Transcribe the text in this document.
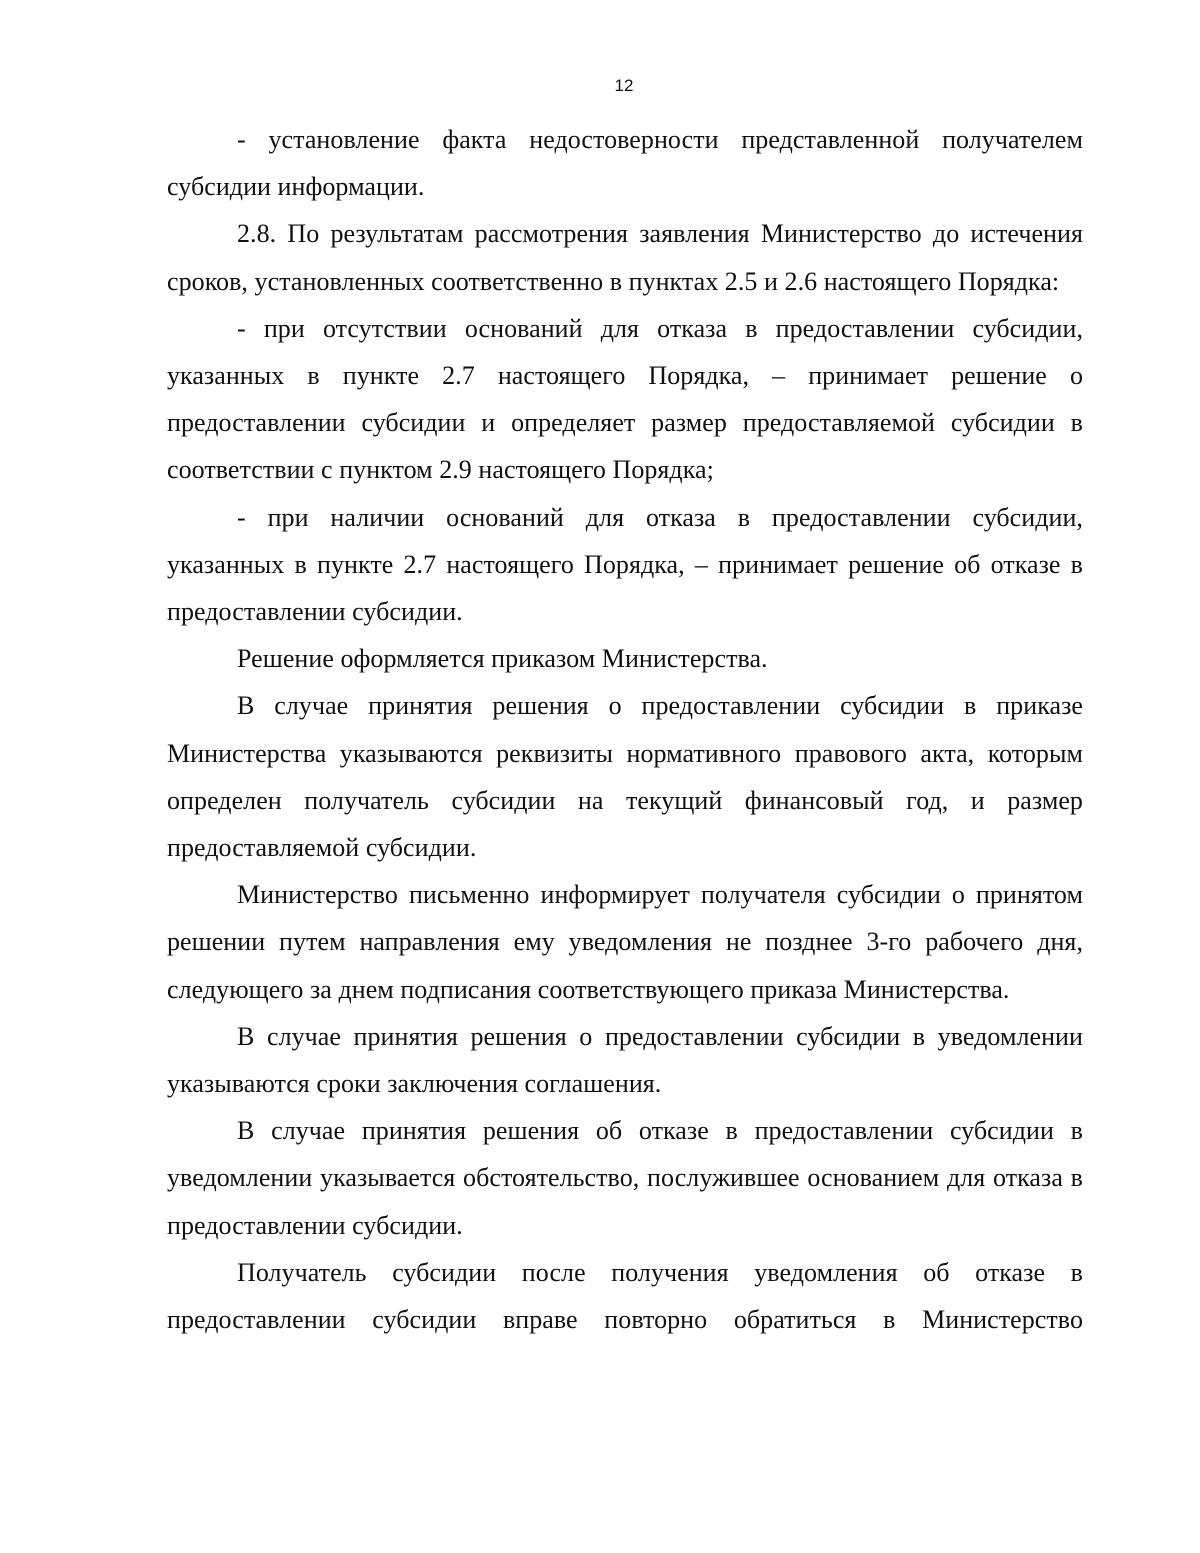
12

- установление факта недостоверности представленной получателем субсидии информации.

2.8. По результатам рассмотрения заявления Министерство до истечения сроков, установленных соответственно в пунктах 2.5 и 2.6 настоящего Порядка:

- при отсутствии оснований для отказа в предоставлении субсидии, указанных в пункте 2.7 настоящего Порядка, – принимает решение о предоставлении субсидии и определяет размер предоставляемой субсидии в соответствии с пунктом 2.9 настоящего Порядка;

- при наличии оснований для отказа в предоставлении субсидии, указанных в пункте 2.7 настоящего Порядка, – принимает решение об отказе в предоставлении субсидии.

Решение оформляется приказом Министерства.

В случае принятия решения о предоставлении субсидии в приказе Министерства указываются реквизиты нормативного правового акта, которым определен получатель субсидии на текущий финансовый год, и размер предоставляемой субсидии.

Министерство письменно информирует получателя субсидии о принятом решении путем направления ему уведомления не позднее 3-го рабочего дня, следующего за днем подписания соответствующего приказа Министерства.

В случае принятия решения о предоставлении субсидии в уведомлении указываются сроки заключения соглашения.

В случае принятия решения об отказе в предоставлении субсидии в уведомлении указывается обстоятельство, послужившее основанием для отказа в предоставлении субсидии.

Получатель субсидии после получения уведомления об отказе в предоставлении субсидии вправе повторно обратиться в Министерство
